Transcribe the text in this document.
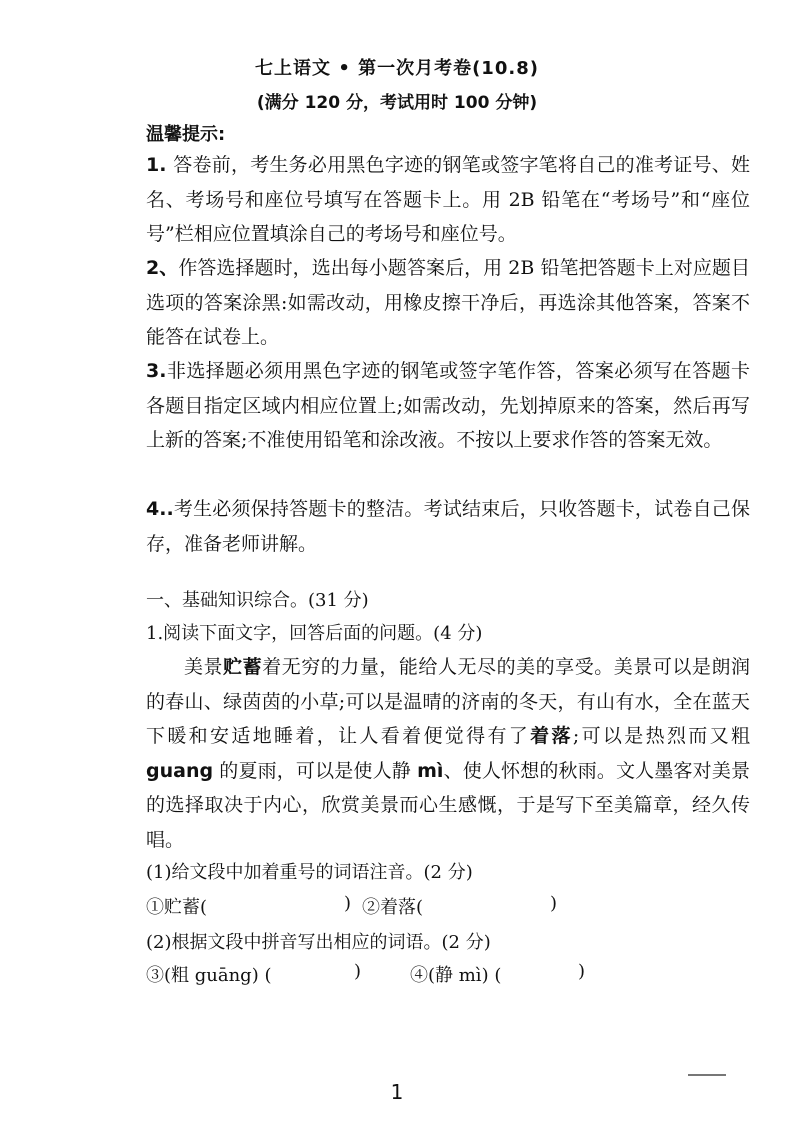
七上语文 • 第一次月考卷(10.8)
(满分 120 分，考试用时 100 分钟)
温馨提示:
1. 答卷前，考生务必用黑色字迹的钢笔或签字笔将自己的准考证号、姓名、考场号和座位号填写在答题卡上。用 2B 铅笔在“考场号”和“座位号”栏相应位置填涂自己的考场号和座位号。
2、作答选择题时，选出每小题答案后，用 2B 铅笔把答题卡上对应题目选项的答案涂黑:如需改动，用橡皮擦干净后，再选涂其他答案，答案不能答在试卷上。
3.非选择题必须用黑色字迹的钢笔或签字笔作答，答案必须写在答题卡各题目指定区域内相应位置上;如需改动，先划掉原来的答案，然后再写上新的答案;不准使用铅笔和涂改液。不按以上要求作答的答案无效。
4..考生必须保持答题卡的整洁。考试结束后，只收答题卡，试卷自己保存，准备老师讲解。
一、基础知识综合。(31 分)
1.阅读下面文字，回答后面的问题。(4 分)
美景贮蓄着无穷的力量，能给人无尽的美的享受。美景可以是朗润的春山、绿茵茵的小草;可以是温晴的济南的冬天，有山有水，全在蓝天下暖和安适地睡着，让人看着便觉得有了着落;可以是热烈而又粗 guang 的夏雨，可以是使人静 mì、使人怀想的秋雨。文人墨客对美景的选择取决于内心，欣赏美景而心生感慨，于是写下至美篇章，经久传唱。
(1)给文段中加着重号的词语注音。(2 分)
①贮蓄(	) ②着落(	)
(2)根据文段中拼音写出相应的词语。(2 分)
③(粗 guāng) (	)	④(静 mì) (	)
1
